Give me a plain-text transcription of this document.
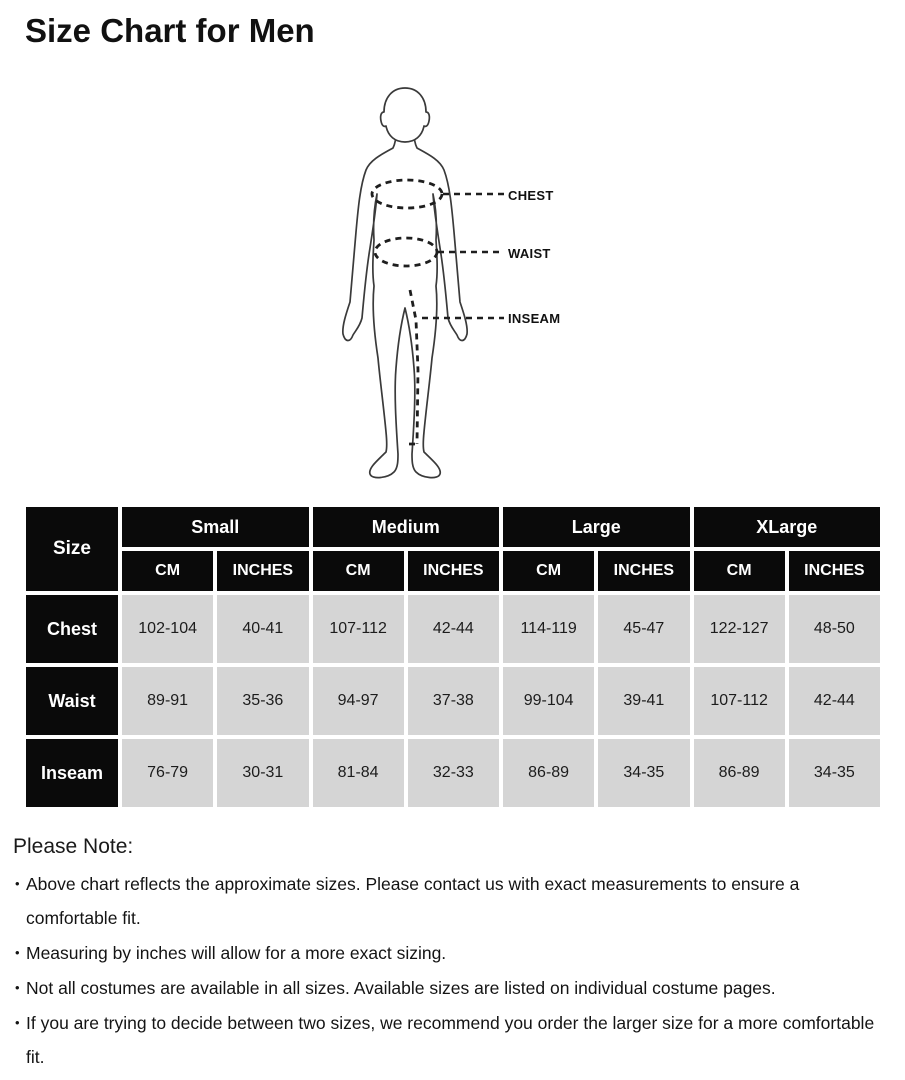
Size Chart for Men
CHEST
WAIST
INSEAM
Size	Small		Medium		Large		XLarge	
	CM	INCHES	CM	INCHES	CM	INCHES	CM	INCHES
Chest	102-104	40-41	107-112	42-44	114-119	45-47	122-127	48-50
Waist	89-91	35-36	94-97	37-38	99-104	39-41	107-112	42-44
Inseam	76-79	30-31	81-84	32-33	86-89	34-35	86-89	34-35

Please Note:

• Above chart reflects the approximate sizes. Please contact us with exact measurements to ensure a comfortable fit.
• Measuring by inches will allow for a more exact sizing.
• Not all costumes are available in all sizes. Available sizes are listed on individual costume pages.
• If you are trying to decide between two sizes, we recommend you order the larger size for a more comfortable fit.
